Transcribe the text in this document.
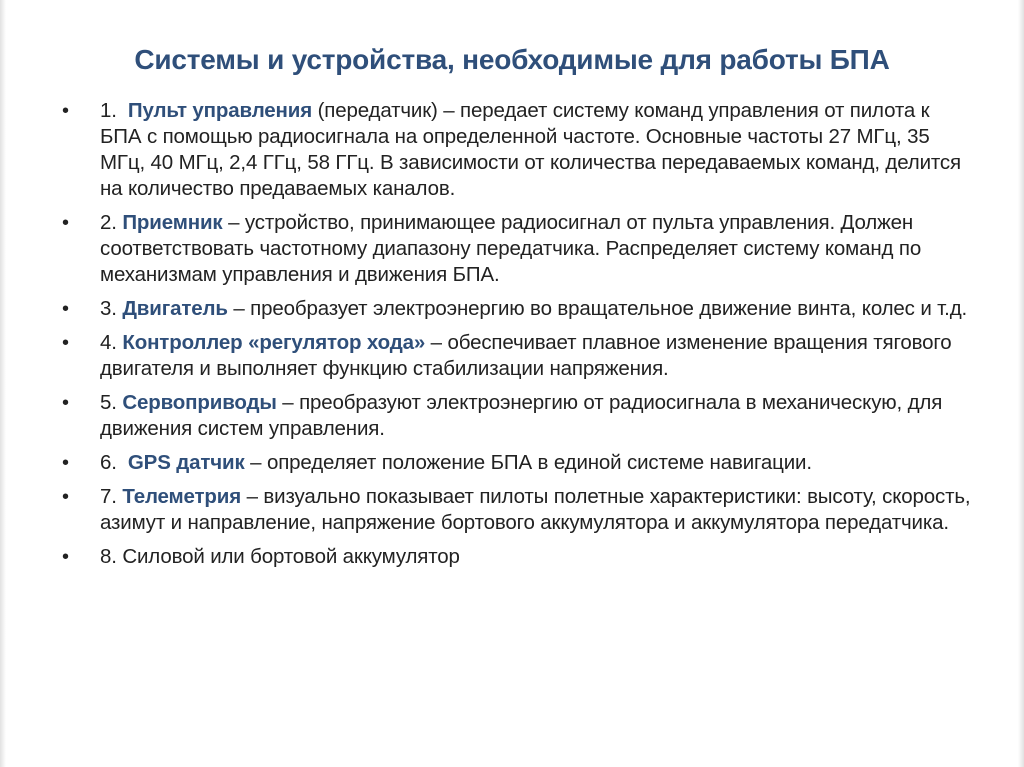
Системы и устройства, необходимые для работы БПА
• 1.  Пульт управления (передатчик) – передает систему команд управления от пилота к БПА с помощью радиосигнала на определенной частоте. Основные частоты 27 МГц, 35 МГц, 40 МГц, 2,4 ГГц, 58 ГГц. В зависимости от количества передаваемых команд, делится на количество предаваемых каналов.
• 2. Приемник – устройство, принимающее радиосигнал от пульта управления. Должен соответствовать частотному диапазону передатчика. Распределяет систему команд по механизмам управления и движения БПА.
• 3. Двигатель – преобразует электроэнергию во вращательное движение винта, колес и т.д.
• 4. Контроллер «регулятор хода» – обеспечивает плавное изменение вращения тягового двигателя и выполняет функцию стабилизации напряжения.
• 5. Сервоприводы – преобразуют электроэнергию от радиосигнала в механическую, для движения систем управления.
• 6.  GPS датчик – определяет положение БПА в единой системе навигации.
• 7. Телеметрия – визуально показывает пилоты полетные характеристики: высоту, скорость, азимут и направление, напряжение бортового аккумулятора и аккумулятора передатчика.
• 8. Силовой или бортовой аккумулятор
